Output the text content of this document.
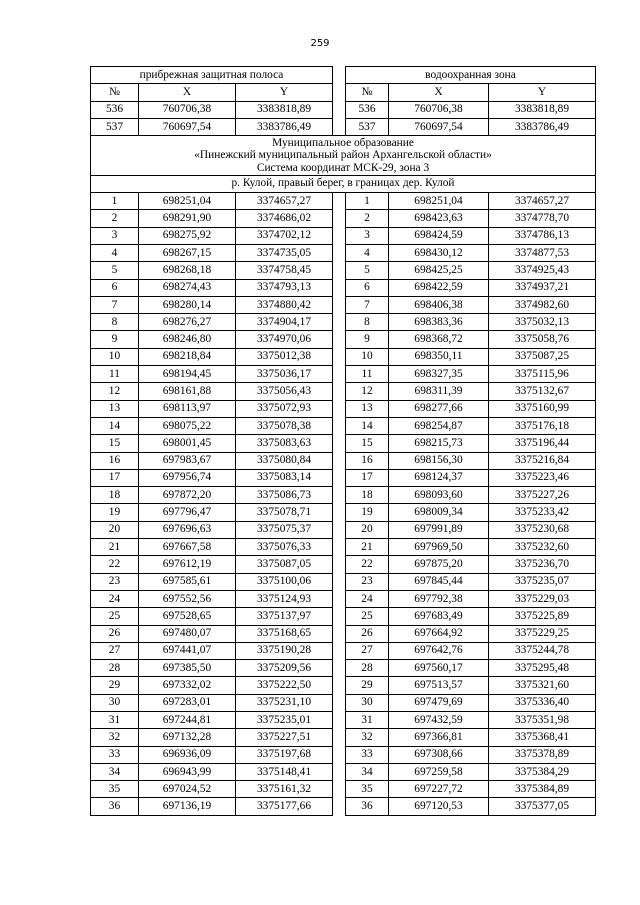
259
прибрежная защитная полоса				водоохранная зона		
№	X	Y		№	X	Y
536	760706,38	3383818,89		536	760706,38	3383818,89
537	760697,54	3383786,49		537	760697,54	3383786,49

Муниципальное образование
«Пинежский муниципальный район Архангельской области»
Система координат МСК-29, зона 3						

р. Кулой, правый берег, в границах дер. Кулой						
1	698251,04	3374657,27		1	698251,04	3374657,27
2	698291,90	3374686,02		2	698423,63	3374778,70
3	698275,92	3374702,12		3	698424,59	3374786,13
4	698267,15	3374735,05		4	698430,12	3374877,53
5	698268,18	3374758,45		5	698425,25	3374925,43
6	698274,43	3374793,13		6	698422,59	3374937,21
7	698280,14	3374880,42		7	698406,38	3374982,60
8	698276,27	3374904,17		8	698383,36	3375032,13
9	698246,80	3374970,06		9	698368,72	3375058,76
10	698218,84	3375012,38		10	698350,11	3375087,25
11	698194,45	3375036,17		11	698327,35	3375115,96
12	698161,88	3375056,43		12	698311,39	3375132,67
13	698113,97	3375072,93		13	698277,66	3375160,99
14	698075,22	3375078,38		14	698254,87	3375176,18
15	698001,45	3375083,63		15	698215,73	3375196,44
16	697983,67	3375080,84		16	698156,30	3375216,84
17	697956,74	3375083,14		17	698124,37	3375223,46
18	697872,20	3375086,73		18	698093,60	3375227,26
19	697796,47	3375078,71		19	698009,34	3375233,42
20	697696,63	3375075,37		20	697991,89	3375230,68
21	697667,58	3375076,33		21	697969,50	3375232,60
22	697612,19	3375087,05		22	697875,20	3375236,70
23	697585,61	3375100,06		23	697845,44	3375235,07
24	697552,56	3375124,93		24	697792,38	3375229,03
25	697528,65	3375137,97		25	697683,49	3375225,89
26	697480,07	3375168,65		26	697664,92	3375229,25
27	697441,07	3375190,28		27	697642,76	3375244,78
28	697385,50	3375209,56		28	697560,17	3375295,48
29	697332,02	3375222,50		29	697513,57	3375321,60
30	697283,01	3375231,10		30	697479,69	3375336,40
31	697244,81	3375235,01		31	697432,59	3375351,98
32	697132,28	3375227,51		32	697366,81	3375368,41
33	696936,09	3375197,68		33	697308,66	3375378,89
34	696943,99	3375148,41		34	697259,58	3375384,29
35	697024,52	3375161,32		35	697227,72	3375384,89
36	697136,19	3375177,66		36	697120,53	3375377,05
